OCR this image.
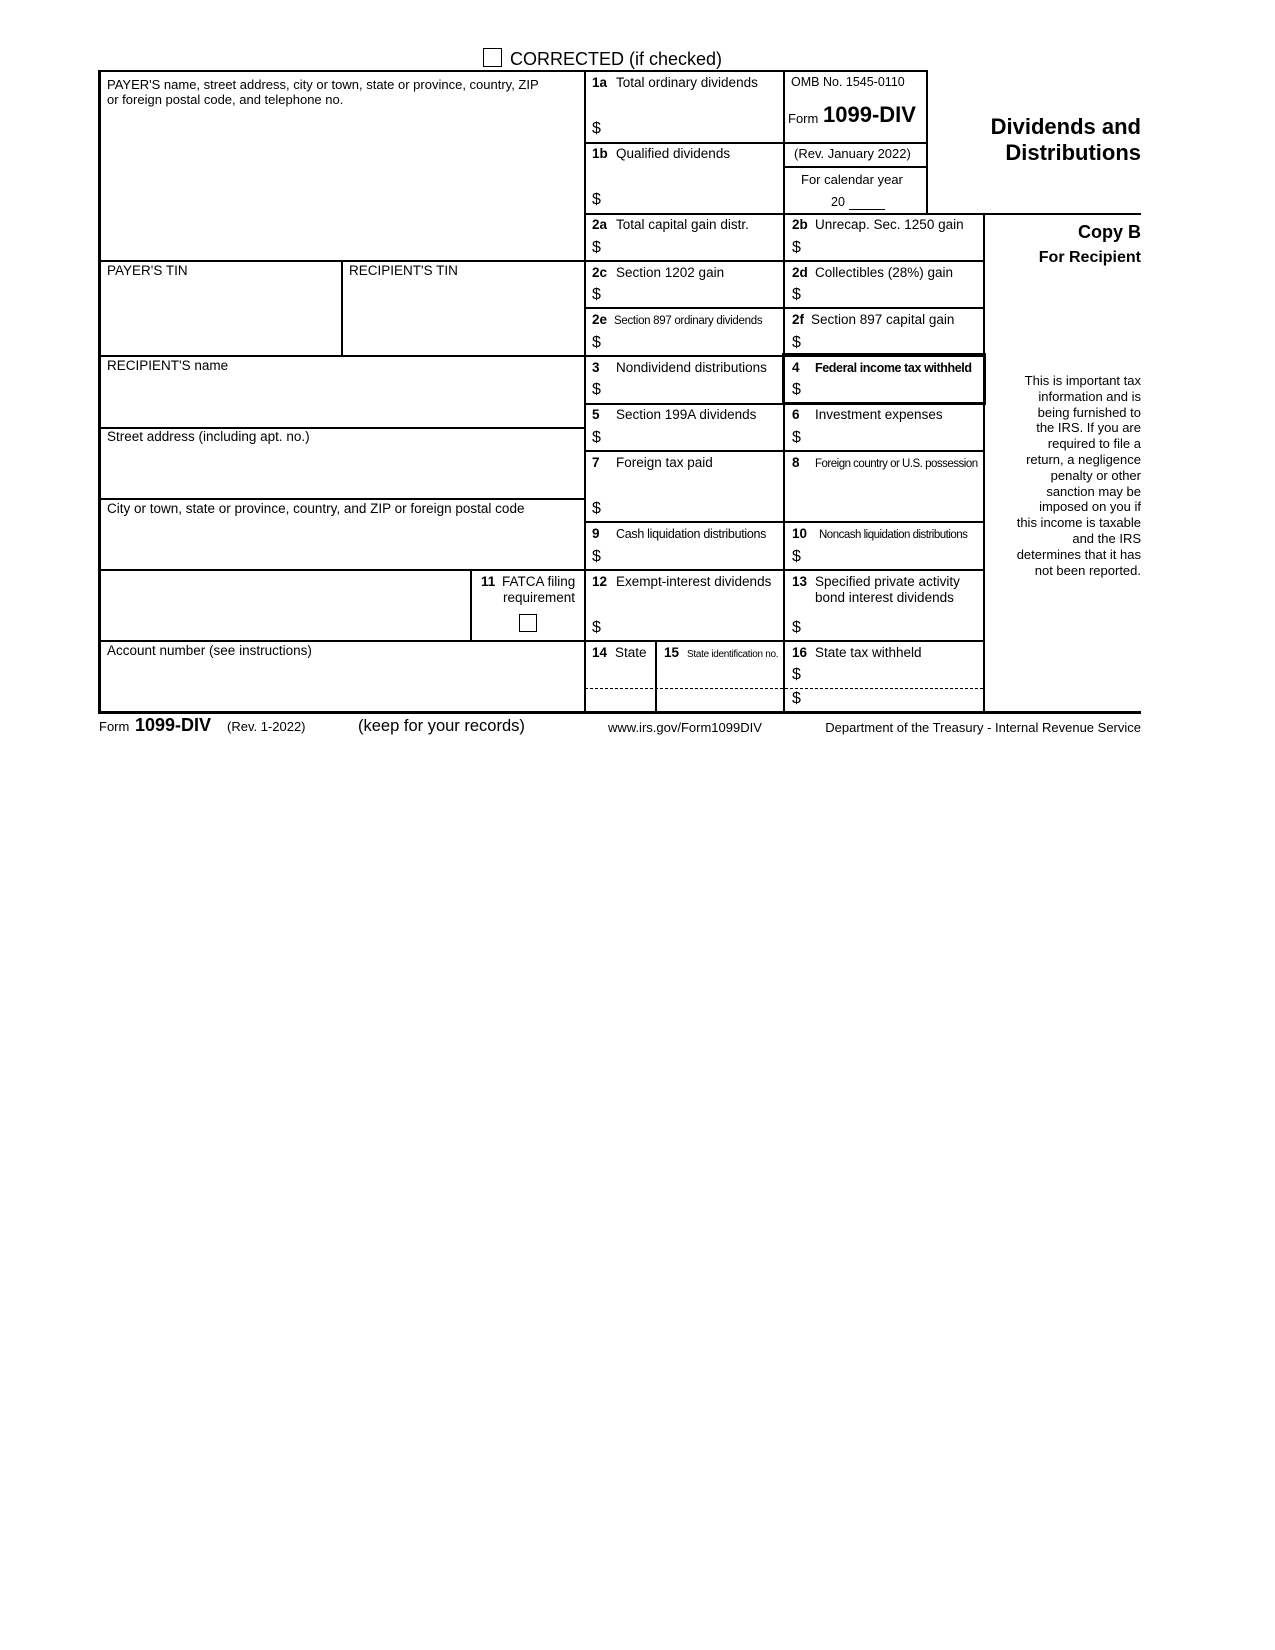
CORRECTED (if checked)
PAYER'S name, street address, city or town, state or province, country, ZIP
or foreign postal code, and telephone no.
PAYER'S TIN	RECIPIENT'S TIN
RECIPIENT'S name
Street address (including apt. no.)
City or town, state or province, country, and ZIP or foreign postal code
11 FATCA filing
requirement
Account number (see instructions)
1a Total ordinary dividends
$
1b Qualified dividends
$
2a Total capital gain distr.
$
2c Section 1202 gain
$
2e Section 897 ordinary dividends
$
3 Nondividend distributions
$
5 Section 199A dividends
$
7 Foreign tax paid
$
9 Cash liquidation distributions
$
12 Exempt-interest dividends
$
14 State 15 State identification no.
OMB No. 1545-0110
Form 1099-DIV
(Rev. January 2022)
For calendar year
20
2b Unrecap. Sec. 1250 gain
$
2d Collectibles (28%) gain
$
2f Section 897 capital gain
$
4 Federal income tax withheld
$
6 Investment expenses
$
8 Foreign country or U.S. possession
10 Noncash liquidation distributions
$
13 Specified private activity
bond interest dividends
$
16 State tax withheld
$
$
Dividends and
Distributions
Copy B
For Recipient
This is important tax
information and is
being furnished to
the IRS. If you are
required to file a
return, a negligence
penalty or other
sanction may be
imposed on you if
this income is taxable
and the IRS
determines that it has
not been reported.
Form 1099-DIV (Rev. 1-2022)	(keep for your records)	www.irs.gov/Form1099DIV	Department of the Treasury - Internal Revenue Service
